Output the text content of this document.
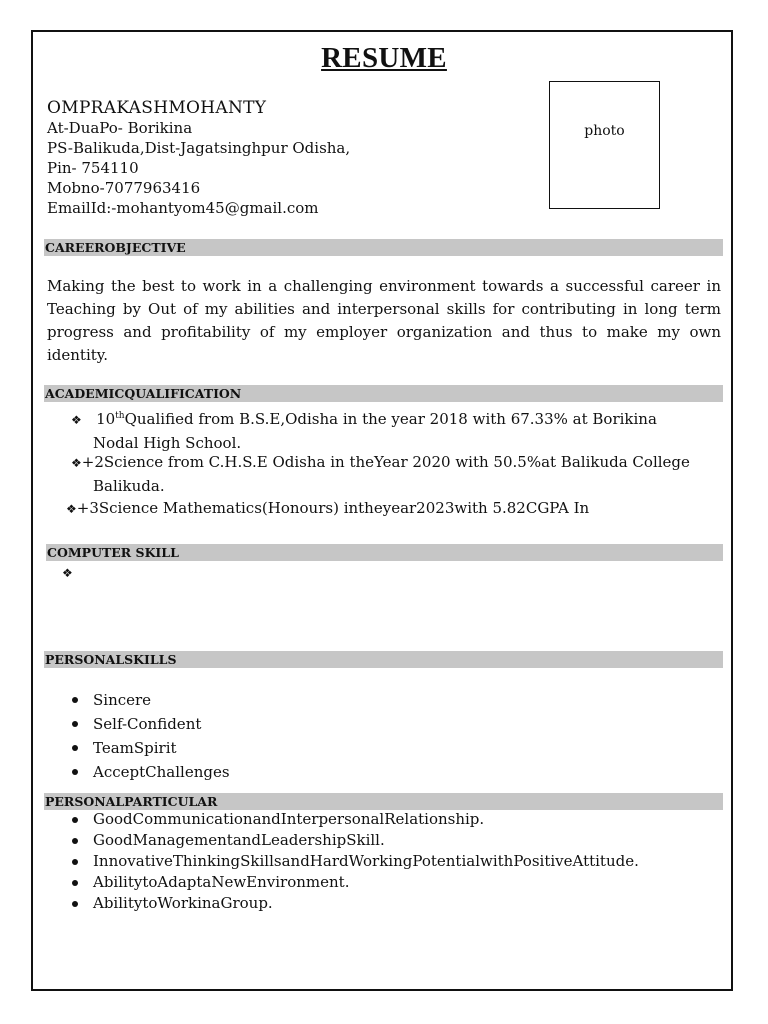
RESUME
OMPRAKASHMOHANTY
At-DuaPo- Borikina
PS-Balikuda,Dist-Jagatsinghpur Odisha,
Pin- 754110
Mobno-7077963416
EmailId:-mohantyom45@gmail.com
photo
CAREEROBJECTIVE
Making the best to work in a challenging environment towards a successful career in Teaching by Out of my abilities and interpersonal skills for contributing in long term progress and profitability of my employer organization and thus to make my own identity.
ACADEMICQUALIFICATION
❖ 10thQualified from B.S.E,Odisha in the year 2018 with 67.33% at Borikina
Nodal High School.
❖+2Science from C.H.S.E Odisha in theYear 2020 with 50.5%at Balikuda College
Balikuda.
❖+3Science Mathematics(Honours) intheyear2023with 5.82CGPA In
COMPUTER SKILL
❖
PERSONALSKILLS
Sincere
Self-Confident
TeamSpirit
AcceptChallenges
PERSONALPARTICULAR
GoodCommunicationandInterpersonalRelationship.
GoodManagementandLeadershipSkill.
InnovativeThinkingSkillsandHardWorkingPotentialwithPositiveAttitude.
AbilitytoAdaptaNewEnvironment.
AbilitytoWorkinaGroup.
